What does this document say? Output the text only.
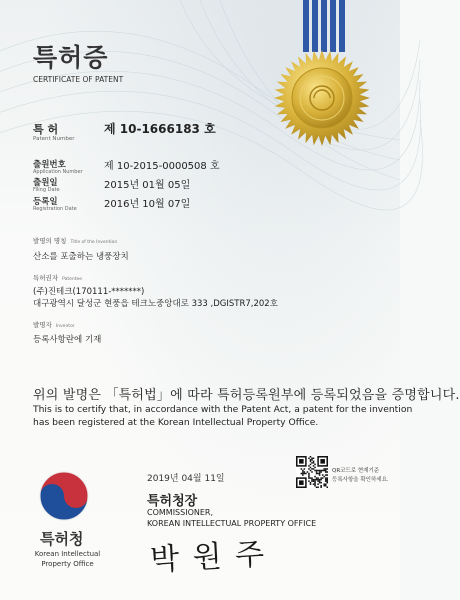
특허증
CERTIFICATE OF PATENT
특 허
Patent Number
제 10-1666183 호
출원번호
Application Number 제 10-2015-0000508 호
출원일
Filing Date	2015년 01월 05일
등록일
Registration Date	2016년 10월 07일
발명의 명칭 Title of the Invention
산소를 포출하는 냉풍장치
특허권자 Patentee
(주)진테크(170111-*******)
대구광역시 달성군 현풍읍 테크노중앙대로 333 ,DGISTR7,202호
발명자 Inventor
등록사항란에 기재
위의 발명은 「특허법」에 따라 특허등록원부에 등록되었음을 증명합니다.
This is to certify that, in accordance with the Patent Act, a patent for the invention
has been registered at the Korean Intellectual Property Office.
2019년 04월 11일
특허청장
COMMISSIONER,
KOREAN INTELLECTUAL PROPERTY OFFICE
박 원 주
QR코드로 현재기준
등록사항을 확인하세요.
특허청
Korean Intellectual
Property Office
